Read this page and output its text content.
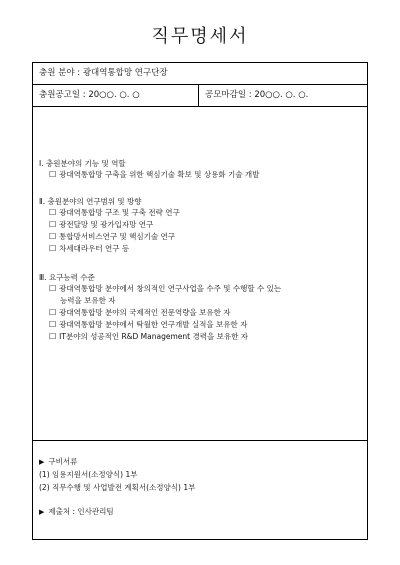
직무명세서
충원 분야 : 광대역통합망 연구단장
충원공고일 : 20○○. ○. ○	공모마감일 : 20○○. ○. ○.
Ⅰ. 충원분야의 기능 및 역할
☐ 광대역통합망 구축을 위한 핵심기술 확보 및 상용화 기술 개발
Ⅱ. 충원분야의 연구범위 및 방향
☐ 광대역통합망 구조 및 구축 전략 연구
☐ 광전달망 및 광가입자망 연구
☐ 통합망서비스연구 및 핵심기술 연구
☐ 차세대라우터 연구 등
Ⅲ. 요구능력 수준
☐ 광대역통합망 분야에서 창의적인 연구사업을 수주 및 수행할 수 있는
능력을 보유한 자
☐ 광대역통합망 분야의 국제적인 전문역량을 보유한 자
☐ 광대역통합망 분야에서 탁월한 연구개발 실적을 보유한 자
☐ IT분야의 성공적인 R&D Management 경력을 보유한 자
▶ 구비서류
(1) 임용지원서(소정양식) 1부
(2) 직무수행 및 사업발전 계획서(소정양식) 1부
▶ 제출처 : 인사관리팀
